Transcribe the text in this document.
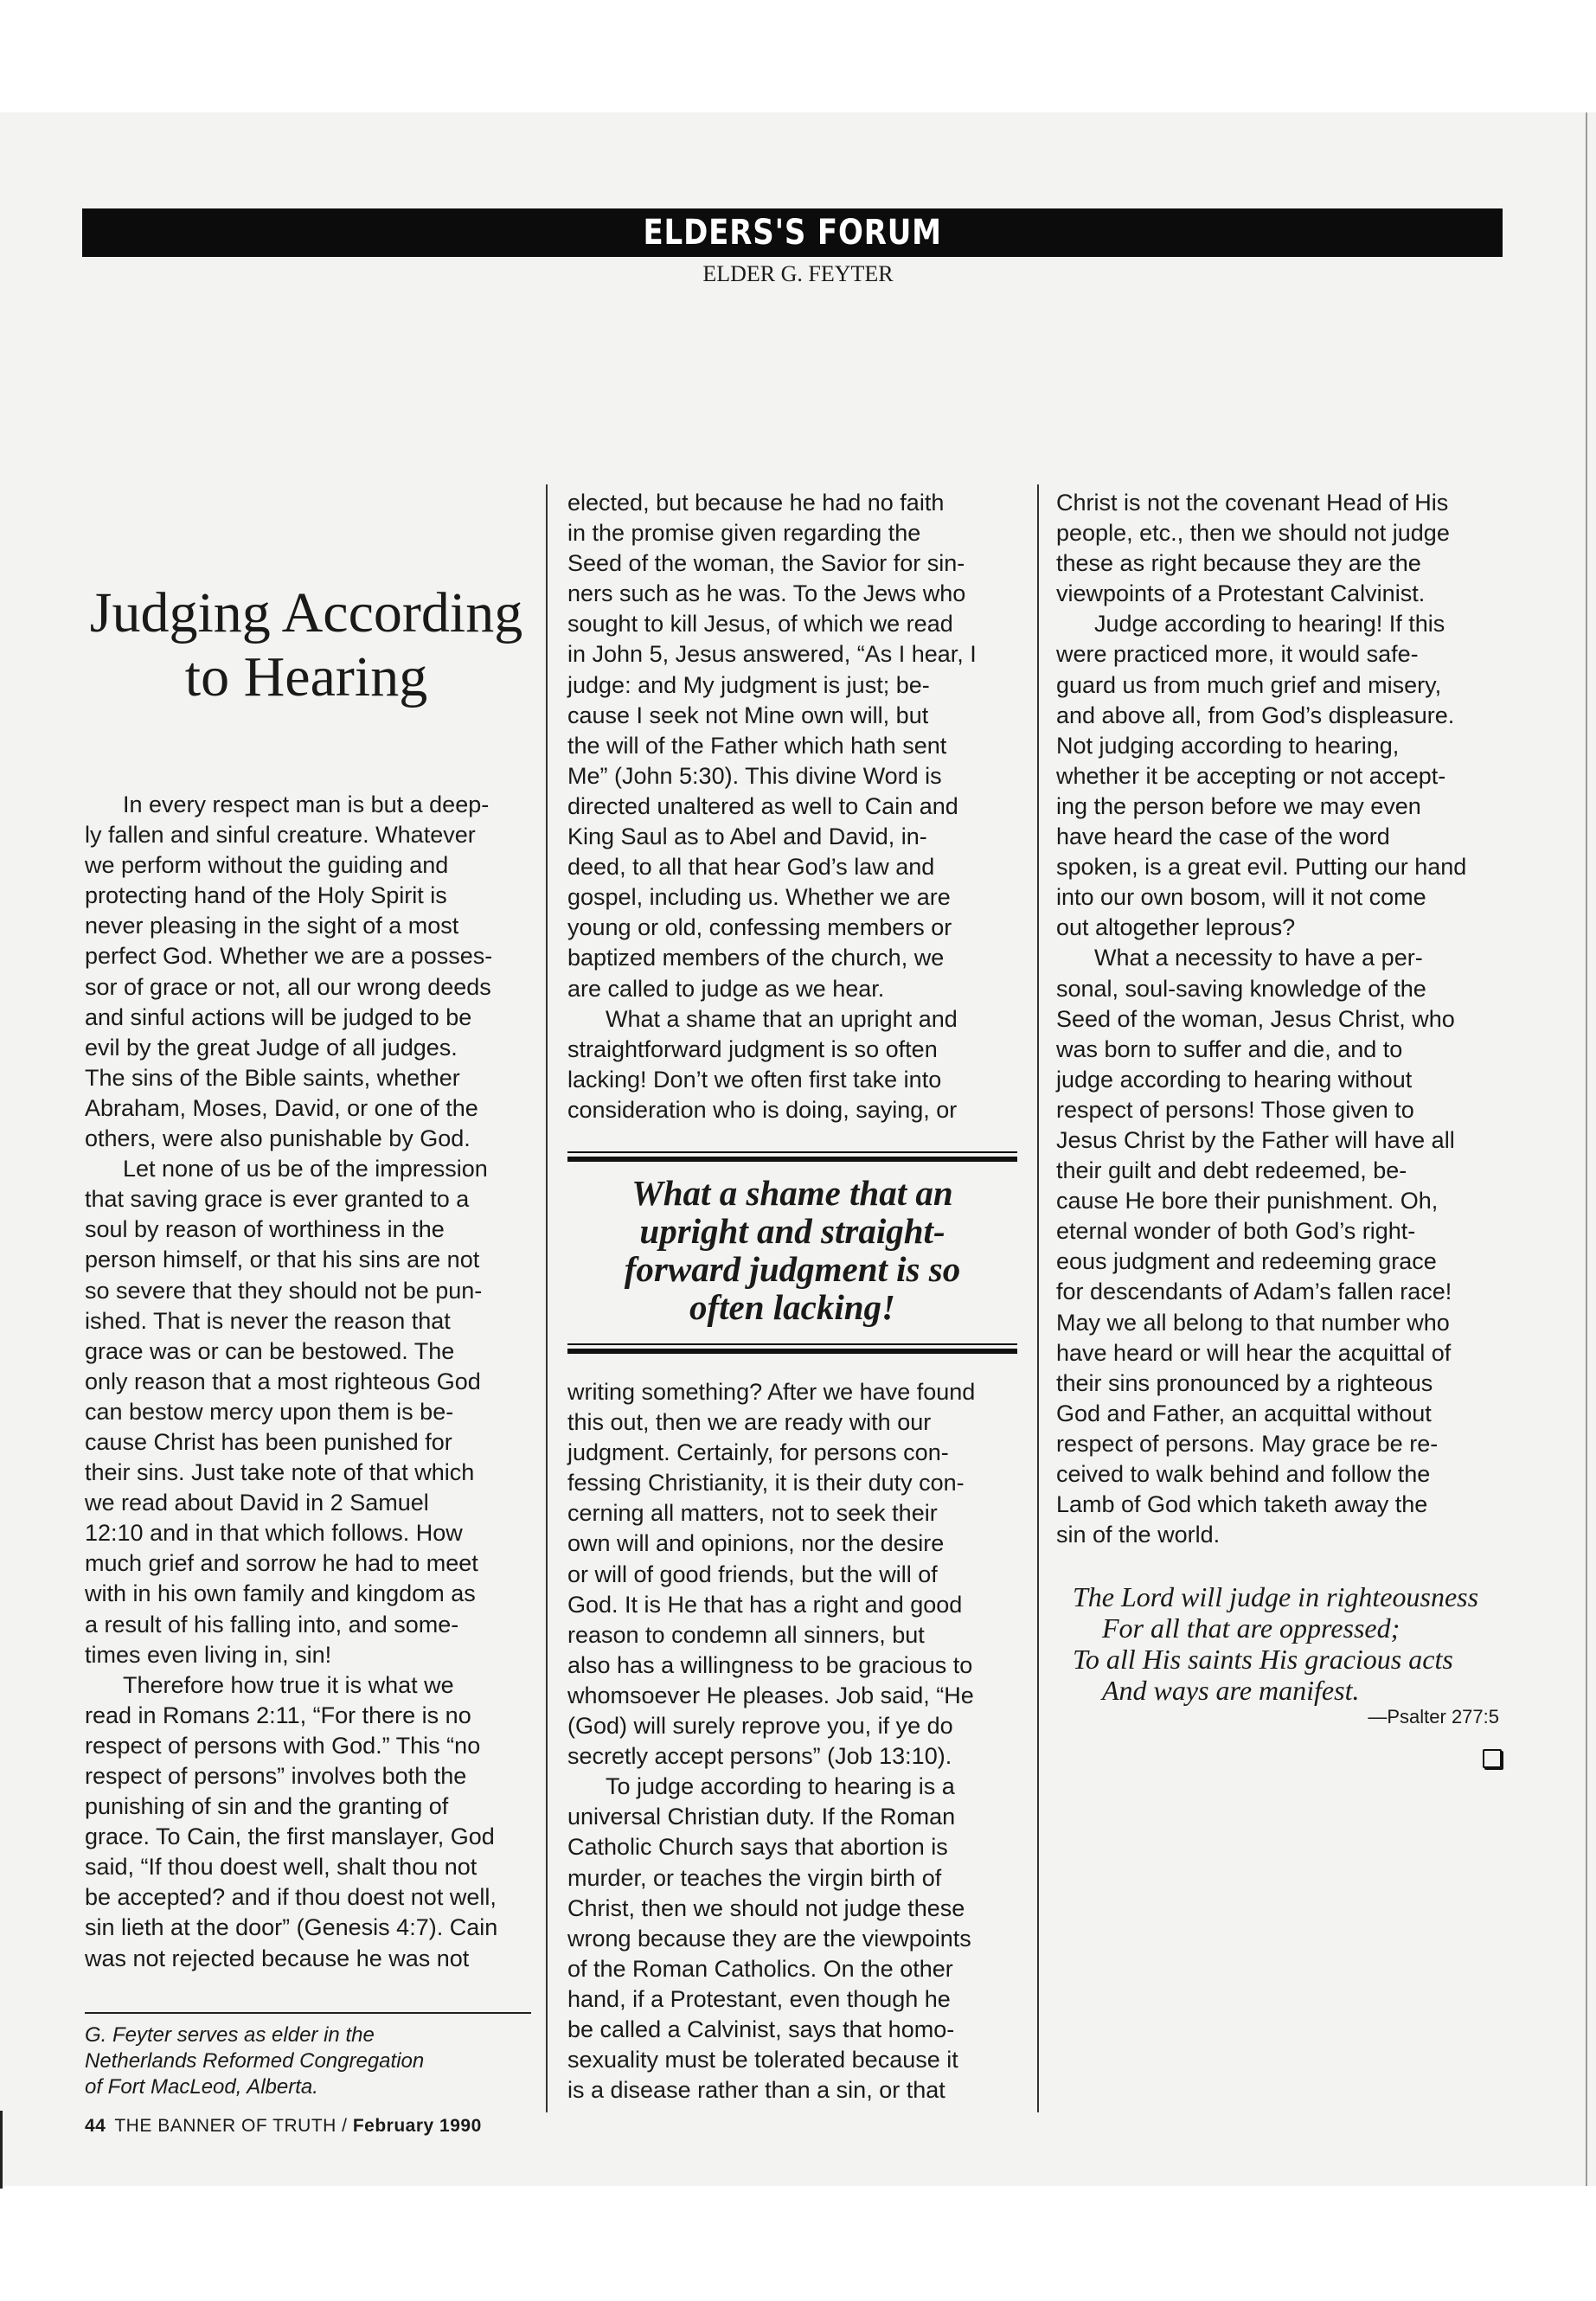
ELDERS'S FORUM
ELDER G. FEYTER
Judging According
to Hearing
In every respect man is but a deep-
ly fallen and sinful creature. Whatever
we perform without the guiding and
protecting hand of the Holy Spirit is
never pleasing in the sight of a most
perfect God. Whether we are a posses-
sor of grace or not, all our wrong deeds
and sinful actions will be judged to be
evil by the great Judge of all judges.
The sins of the Bible saints, whether
Abraham, Moses, David, or one of the
others, were also punishable by God.
Let none of us be of the impression
that saving grace is ever granted to a
soul by reason of worthiness in the
person himself, or that his sins are not
so severe that they should not be pun-
ished. That is never the reason that
grace was or can be bestowed. The
only reason that a most righteous God
can bestow mercy upon them is be-
cause Christ has been punished for
their sins. Just take note of that which
we read about David in 2 Samuel
12:10 and in that which follows. How
much grief and sorrow he had to meet
with in his own family and kingdom as
a result of his falling into, and some-
times even living in, sin!
Therefore how true it is what we
read in Romans 2:11, “For there is no
respect of persons with God.” This “no
respect of persons” involves both the
punishing of sin and the granting of
grace. To Cain, the first manslayer, God
said, “If thou doest well, shalt thou not
be accepted? and if thou doest not well,
sin lieth at the door” (Genesis 4:7). Cain
was not rejected because he was not
elected, but because he had no faith
in the promise given regarding the
Seed of the woman, the Savior for sin-
ners such as he was. To the Jews who
sought to kill Jesus, of which we read
in John 5, Jesus answered, “As I hear, I
judge: and My judgment is just; be-
cause I seek not Mine own will, but
the will of the Father which hath sent
Me” (John 5:30). This divine Word is
directed unaltered as well to Cain and
King Saul as to Abel and David, in-
deed, to all that hear God’s law and
gospel, including us. Whether we are
young or old, confessing members or
baptized members of the church, we
are called to judge as we hear.
What a shame that an upright and
straightforward judgment is so often
lacking! Don’t we often first take into
consideration who is doing, saying, or
writing something? After we have found
this out, then we are ready with our
judgment. Certainly, for persons con-
fessing Christianity, it is their duty con-
cerning all matters, not to seek their
own will and opinions, nor the desire
or will of good friends, but the will of
God. It is He that has a right and good
reason to condemn all sinners, but
also has a willingness to be gracious to
whomsoever He pleases. Job said, “He
(God) will surely reprove you, if ye do
secretly accept persons” (Job 13:10).
To judge according to hearing is a
universal Christian duty. If the Roman
Catholic Church says that abortion is
murder, or teaches the virgin birth of
Christ, then we should not judge these
wrong because they are the viewpoints
of the Roman Catholics. On the other
hand, if a Protestant, even though he
be called a Calvinist, says that homo-
sexuality must be tolerated because it
is a disease rather than a sin, or that
Christ is not the covenant Head of His
people, etc., then we should not judge
these as right because they are the
viewpoints of a Protestant Calvinist.
Judge according to hearing! If this
were practiced more, it would safe-
guard us from much grief and misery,
and above all, from God’s displeasure.
Not judging according to hearing,
whether it be accepting or not accept-
ing the person before we may even
have heard the case of the word
spoken, is a great evil. Putting our hand
into our own bosom, will it not come
out altogether leprous?
What a necessity to have a per-
sonal, soul-saving knowledge of the
Seed of the woman, Jesus Christ, who
was born to suffer and die, and to
judge according to hearing without
respect of persons! Those given to
Jesus Christ by the Father will have all
their guilt and debt redeemed, be-
cause He bore their punishment. Oh,
eternal wonder of both God’s right-
eous judgment and redeeming grace
for descendants of Adam’s fallen race!
May we all belong to that number who
have heard or will hear the acquittal of
their sins pronounced by a righteous
God and Father, an acquittal without
respect of persons. May grace be re-
ceived to walk behind and follow the
Lamb of God which taketh away the
sin of the world.
What a shame that an
upright and straight-
forward judgment is so
often lacking!
The Lord will judge in righteousness
For all that are oppressed;
To all His saints His gracious acts
And ways are manifest.
—Psalter 277:5
G. Feyter serves as elder in the
Netherlands Reformed Congregation
of Fort MacLeod, Alberta.
44 THE BANNER OF TRUTH / February 1990
